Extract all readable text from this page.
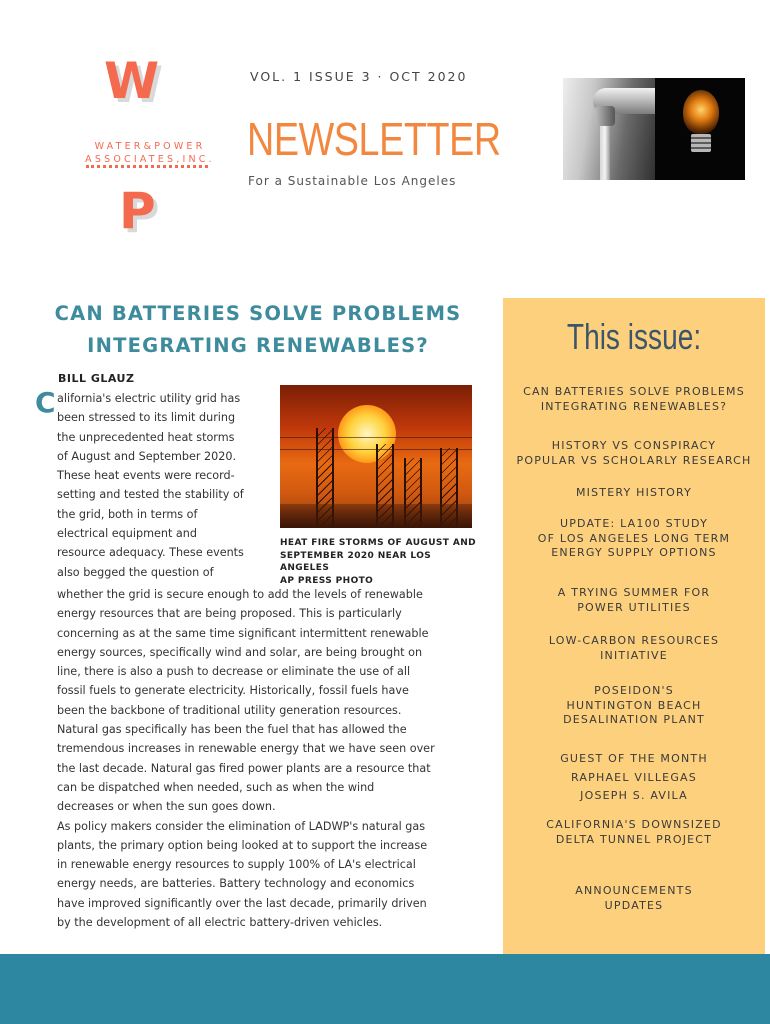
W
WATER&POWER
ASSOCIATES,INC.
P
VOL. 1 ISSUE 3 · OCT 2020
NEWSLETTER
For a Sustainable Los Angeles
CAN BATTERIES SOLVE PROBLEMS
INTEGRATING RENEWABLES?
BILL GLAUZ
C alifornia's electric utility grid has
been stressed to its limit during
the unprecedented heat storms
of August and September 2020.
These heat events were record-
setting and tested the stability of
the grid, both in terms of
electrical equipment and
resource adequacy. These events
also begged the question of
HEAT FIRE STORMS OF AUGUST AND
SEPTEMBER 2020 NEAR LOS ANGELES
AP PRESS PHOTO
whether the grid is secure enough to add the levels of renewable
energy resources that are being proposed. This is particularly
concerning as at the same time significant intermittent renewable
energy sources, specifically wind and solar, are being brought on
line, there is also a push to decrease or eliminate the use of all
fossil fuels to generate electricity. Historically, fossil fuels have
been the backbone of traditional utility generation resources.
Natural gas specifically has been the fuel that has allowed the
tremendous increases in renewable energy that we have seen over
the last decade. Natural gas fired power plants are a resource that
can be dispatched when needed, such as when the wind
decreases or when the sun goes down.
As policy makers consider the elimination of LADWP's natural gas
plants, the primary option being looked at to support the increase
in renewable energy resources to supply 100% of LA's electrical
energy needs, are batteries. Battery technology and economics
have improved significantly over the last decade, primarily driven
by the development of all electric battery-driven vehicles.
This issue:
CAN BATTERIES SOLVE PROBLEMS
INTEGRATING RENEWABLES?
HISTORY VS CONSPIRACY
POPULAR VS SCHOLARLY RESEARCH
MISTERY HISTORY
UPDATE: LA100 STUDY
OF LOS ANGELES LONG TERM
ENERGY SUPPLY OPTIONS
A TRYING SUMMER FOR
POWER UTILITIES
LOW-CARBON RESOURCES
INITIATIVE
POSEIDON'S
HUNTINGTON BEACH
DESALINATION PLANT
GUEST OF THE MONTH
RAPHAEL VILLEGAS
JOSEPH S. AVILA
CALIFORNIA'S DOWNSIZED
DELTA TUNNEL PROJECT
ANNOUNCEMENTS
UPDATES
